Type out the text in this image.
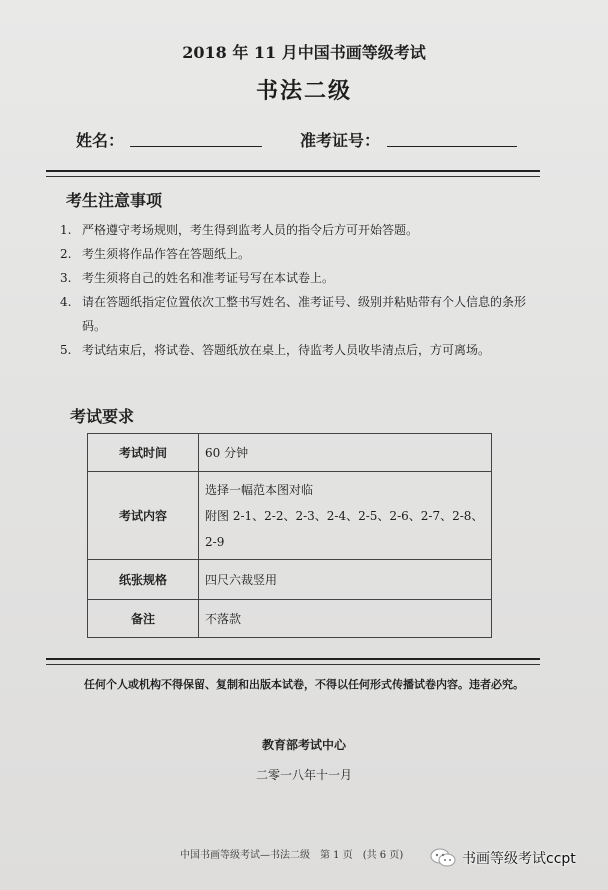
2018 年 11 月中国书画等级考试
书法二级
姓名：	准考证号：
考生注意事项
1. 严格遵守考场规则，考生得到监考人员的指令后方可开始答题。
2. 考生须将作品作答在答题纸上。
3. 考生须将自己的姓名和准考证号写在本试卷上。
4. 请在答题纸指定位置依次工整书写姓名、准考证号、级别并粘贴带有个人信息的条形码。
5. 考试结束后，将试卷、答题纸放在桌上，待监考人员收毕清点后，方可离场。
考试要求
考试时间	60 分钟
考试内容	选择一幅范本图对临
附图 2-1、2-2、2-3、2-4、2-5、2-6、2-7、2-8、2-9

纸张规格	四尺六裁竖用
备注	不落款
任何个人或机构不得保留、复制和出版本试卷，不得以任何形式传播试卷内容。违者必究。
教育部考试中心
二零一八年十一月
中国书画等级考试—书法二级　第 1 页　(共 6 页)	书画等级考试ccpt
